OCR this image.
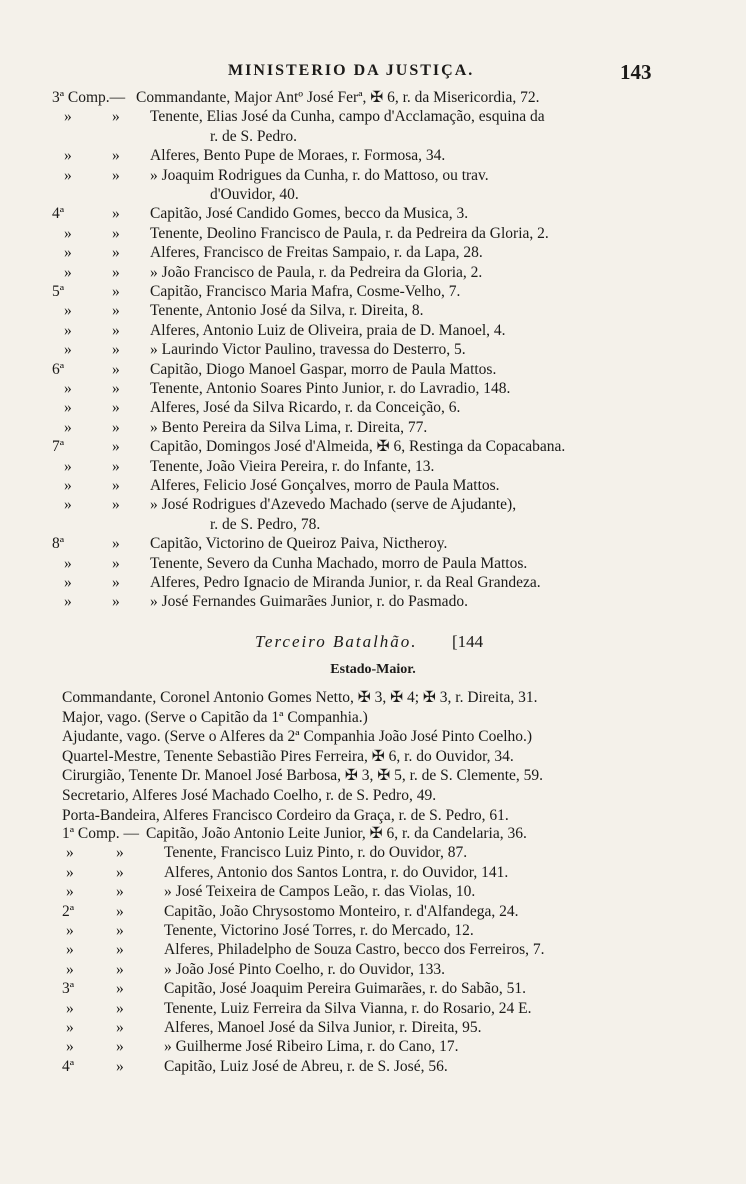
MINISTERIO DA JUSTIÇA.	143
Terceiro Batalhão. [144
Estado-Maior.
3ª Comp.— Commandante, Major Antº José Ferª, ✠ 6, r. da Misericordia, 72.
»	» Tenente, Elias José da Cunha, campo d'Acclamação, esquina da
r. de S. Pedro.
»	» Alferes, Bento Pupe de Moraes, r. Formosa, 34.
»	» » Joaquim Rodrigues da Cunha, r. do Mattoso, ou trav.
d'Ouvidor, 40.
4ª	» Capitão, José Candido Gomes, becco da Musica, 3.
»	» Tenente, Deolino Francisco de Paula, r. da Pedreira da Gloria, 2.
»	» Alferes, Francisco de Freitas Sampaio, r. da Lapa, 28.
»	» » João Francisco de Paula, r. da Pedreira da Gloria, 2.
5ª	» Capitão, Francisco Maria Mafra, Cosme-Velho, 7.
»	» Tenente, Antonio José da Silva, r. Direita, 8.
»	» Alferes, Antonio Luiz de Oliveira, praia de D. Manoel, 4.
»	» » Laurindo Victor Paulino, travessa do Desterro, 5.
6ª	» Capitão, Diogo Manoel Gaspar, morro de Paula Mattos.
»	» Tenente, Antonio Soares Pinto Junior, r. do Lavradio, 148.
»	» Alferes, José da Silva Ricardo, r. da Conceição, 6.
»	» » Bento Pereira da Silva Lima, r. Direita, 77.
7ª	» Capitão, Domingos José d'Almeida, ✠ 6, Restinga da Copacabana.
»	» Tenente, João Vieira Pereira, r. do Infante, 13.
»	» Alferes, Felicio José Gonçalves, morro de Paula Mattos.
»	» » José Rodrigues d'Azevedo Machado (serve de Ajudante),
r. de S. Pedro, 78.
8ª	» Capitão, Victorino de Queiroz Paiva, Nictheroy.
»	» Tenente, Severo da Cunha Machado, morro de Paula Mattos.
»	» Alferes, Pedro Ignacio de Miranda Junior, r. da Real Grandeza.
»	» » José Fernandes Guimarães Junior, r. do Pasmado.
Commandante, Coronel Antonio Gomes Netto, ✠ 3, ✠ 4; ✠ 3, r. Direita, 31.
Major, vago. (Serve o Capitão da 1ª Companhia.)
Ajudante, vago. (Serve o Alferes da 2ª Companhia João José Pinto Coelho.)
Quartel-Mestre, Tenente Sebastião Pires Ferreira, ✠ 6, r. do Ouvidor, 34.
Cirurgião, Tenente Dr. Manoel José Barbosa, ✠ 3, ✠ 5, r. de S. Clemente, 59.
Secretario, Alferes José Machado Coelho, r. de S. Pedro, 49.
Porta-Bandeira, Alferes Francisco Cordeiro da Graça, r. de S. Pedro, 61.
1ª Comp. — Capitão, João Antonio Leite Junior, ✠ 6, r. da Candelaria, 36.
»	»	Tenente, Francisco Luiz Pinto, r. do Ouvidor, 87.
»	»	Alferes, Antonio dos Santos Lontra, r. do Ouvidor, 141.
»	»	» José Teixeira de Campos Leão, r. das Violas, 10.
2ª	»	Capitão, João Chrysostomo Monteiro, r. d'Alfandega, 24.
»	»	Tenente, Victorino José Torres, r. do Mercado, 12.
»	»	Alferes, Philadelpho de Souza Castro, becco dos Ferreiros, 7.
»	»	» João José Pinto Coelho, r. do Ouvidor, 133.
3ª	»	Capitão, José Joaquim Pereira Guimarães, r. do Sabão, 51.
»	»	Tenente, Luiz Ferreira da Silva Vianna, r. do Rosario, 24 E.
»	»	Alferes, Manoel José da Silva Junior, r. Direita, 95.
»	»	» Guilherme José Ribeiro Lima, r. do Cano, 17.
4ª	»	Capitão, Luiz José de Abreu, r. de S. José, 56.
